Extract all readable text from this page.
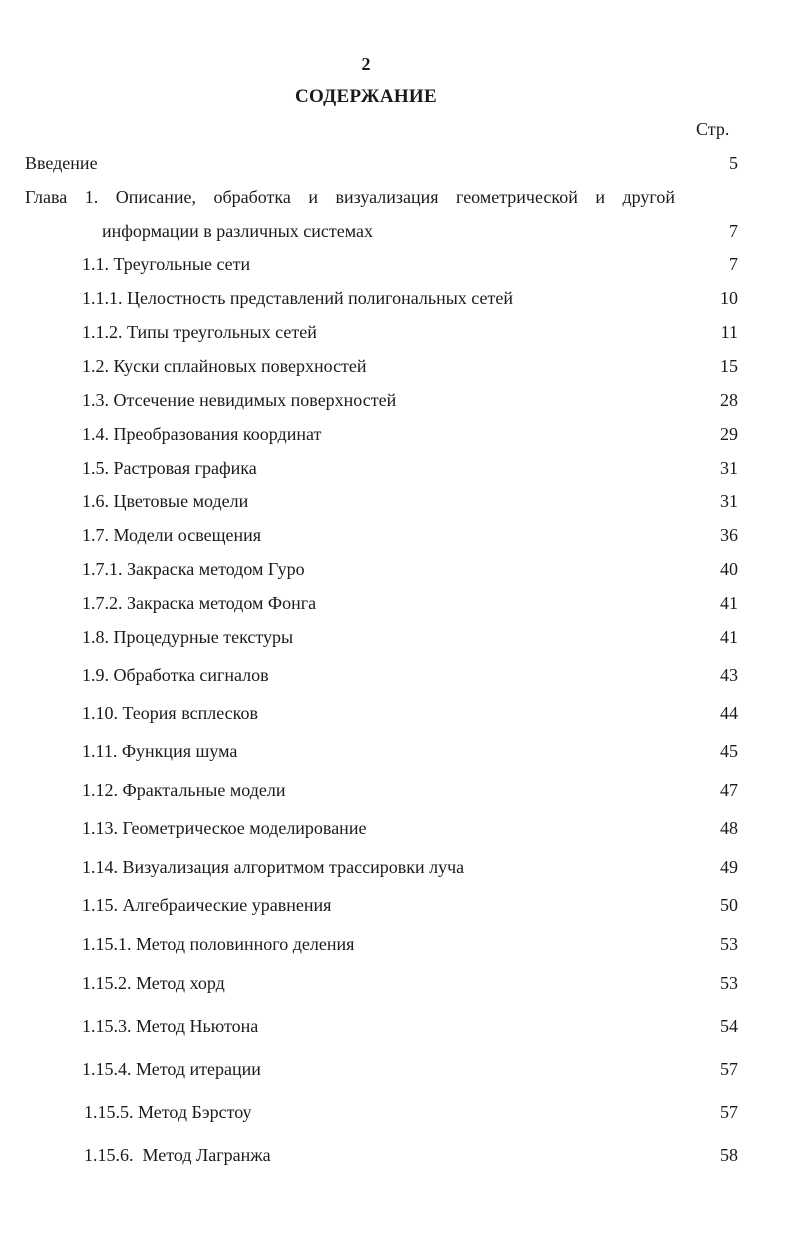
2
СОДЕРЖАНИЕ
Стр.
Введение	5
Глава 1. Описание, обработка и визуализация геометрической и другой
информации в различных системах	7
1.1. Треугольные сети	7
1.1.1. Целостность представлений полигональных сетей	10
1.1.2. Типы треугольных сетей	11
1.2. Куски сплайновых поверхностей	15
1.3. Отсечение невидимых поверхностей	28
1.4. Преобразования координат	29
1.5. Растровая графика	31
1.6. Цветовые модели	31
1.7. Модели освещения	36
1.7.1. Закраска методом Гуро	40
1.7.2. Закраска методом Фонга	41
1.8. Процедурные текстуры	41
1.9. Обработка сигналов	43
1.10. Теория всплесков	44
1.11. Функция шума	45
1.12. Фрактальные модели	47
1.13. Геометрическое моделирование	48
1.14. Визуализация алгоритмом трассировки луча	49
1.15. Алгебраические уравнения	50
1.15.1. Метод половинного деления	53
1.15.2. Метод хорд	53
1.15.3. Метод Ньютона	54
1.15.4. Метод итерации	57
1.15.5. Метод Бэрстоу	57
1.15.6.  Метод Лагранжа	58
